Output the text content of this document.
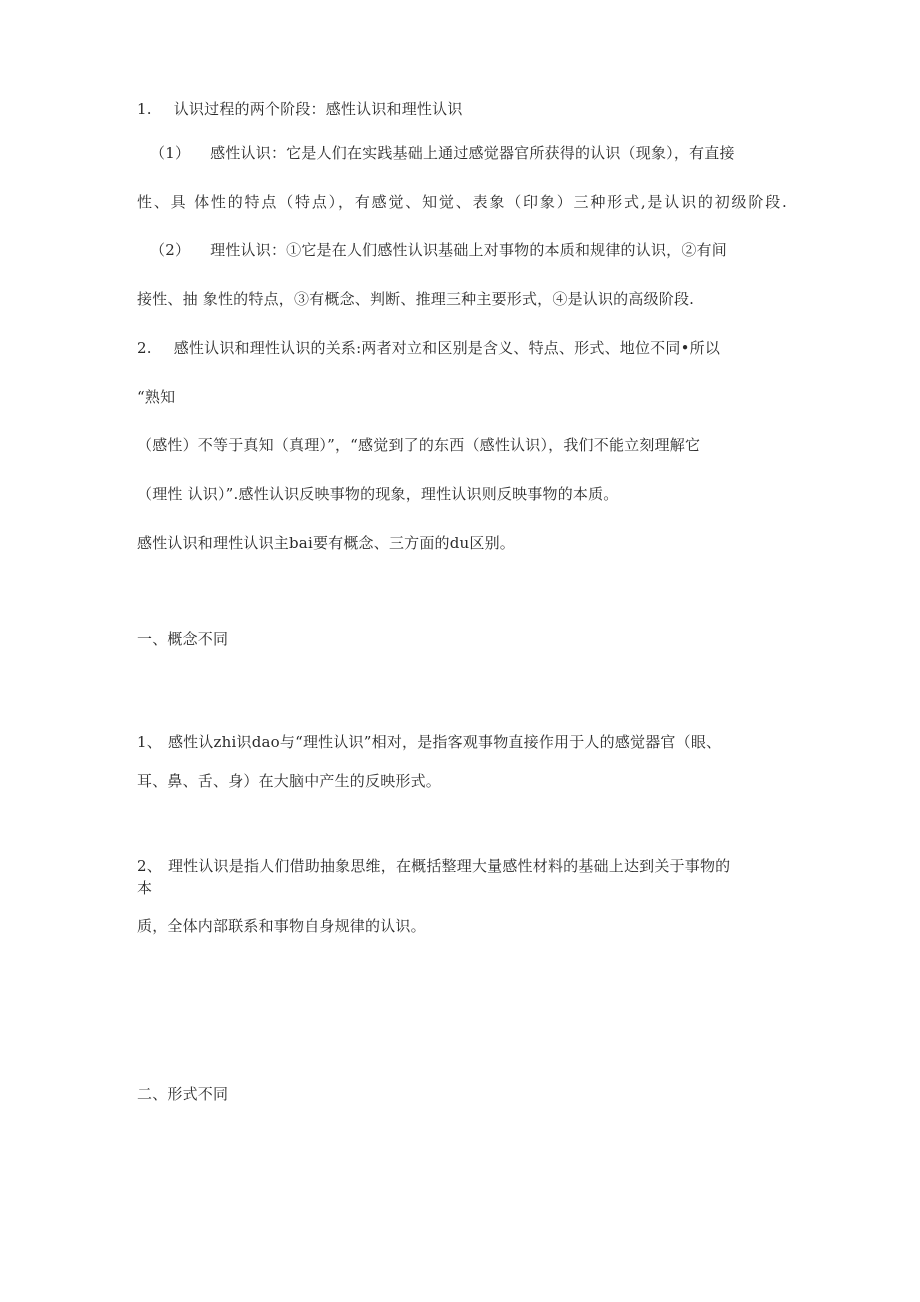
1. 认识过程的两个阶段：感性认识和理性认识
（1） 感性认识：它是人们在实践基础上通过感觉器官所获得的认识（现象），有直接
性、具 体性的特点（特点），有感觉、知觉、表象（印象）三种形式,是认识的初级阶段.
（2） 理性认识：①它是在人们感性认识基础上对事物的本质和规律的认识，②有间
接性、抽 象性的特点，③有概念、判断、推理三种主要形式，④是认识的高级阶段.
2. 感性认识和理性认识的关系:两者对立和区别是含义、特点、形式、地位不同•所以
“熟知
（感性）不等于真知（真理）”，“感觉到了的东西（感性认识），我们不能立刻理解它
（理性 认识）”.感性认识反映事物的现象，理性认识则反映事物的本质。
感性认识和理性认识主bai要有概念、三方面的du区别。
一、概念不同
1、 感性认zhi识dao与“理性认识”相对，是指客观事物直接作用于人的感觉器官（眼、
耳、鼻、舌、身）在大脑中产生的反映形式。
2、 理性认识是指人们借助抽象思维，在概括整理大量感性材料的基础上达到关于事物的
本
质，全体内部联系和事物自身规律的认识。
二、形式不同
